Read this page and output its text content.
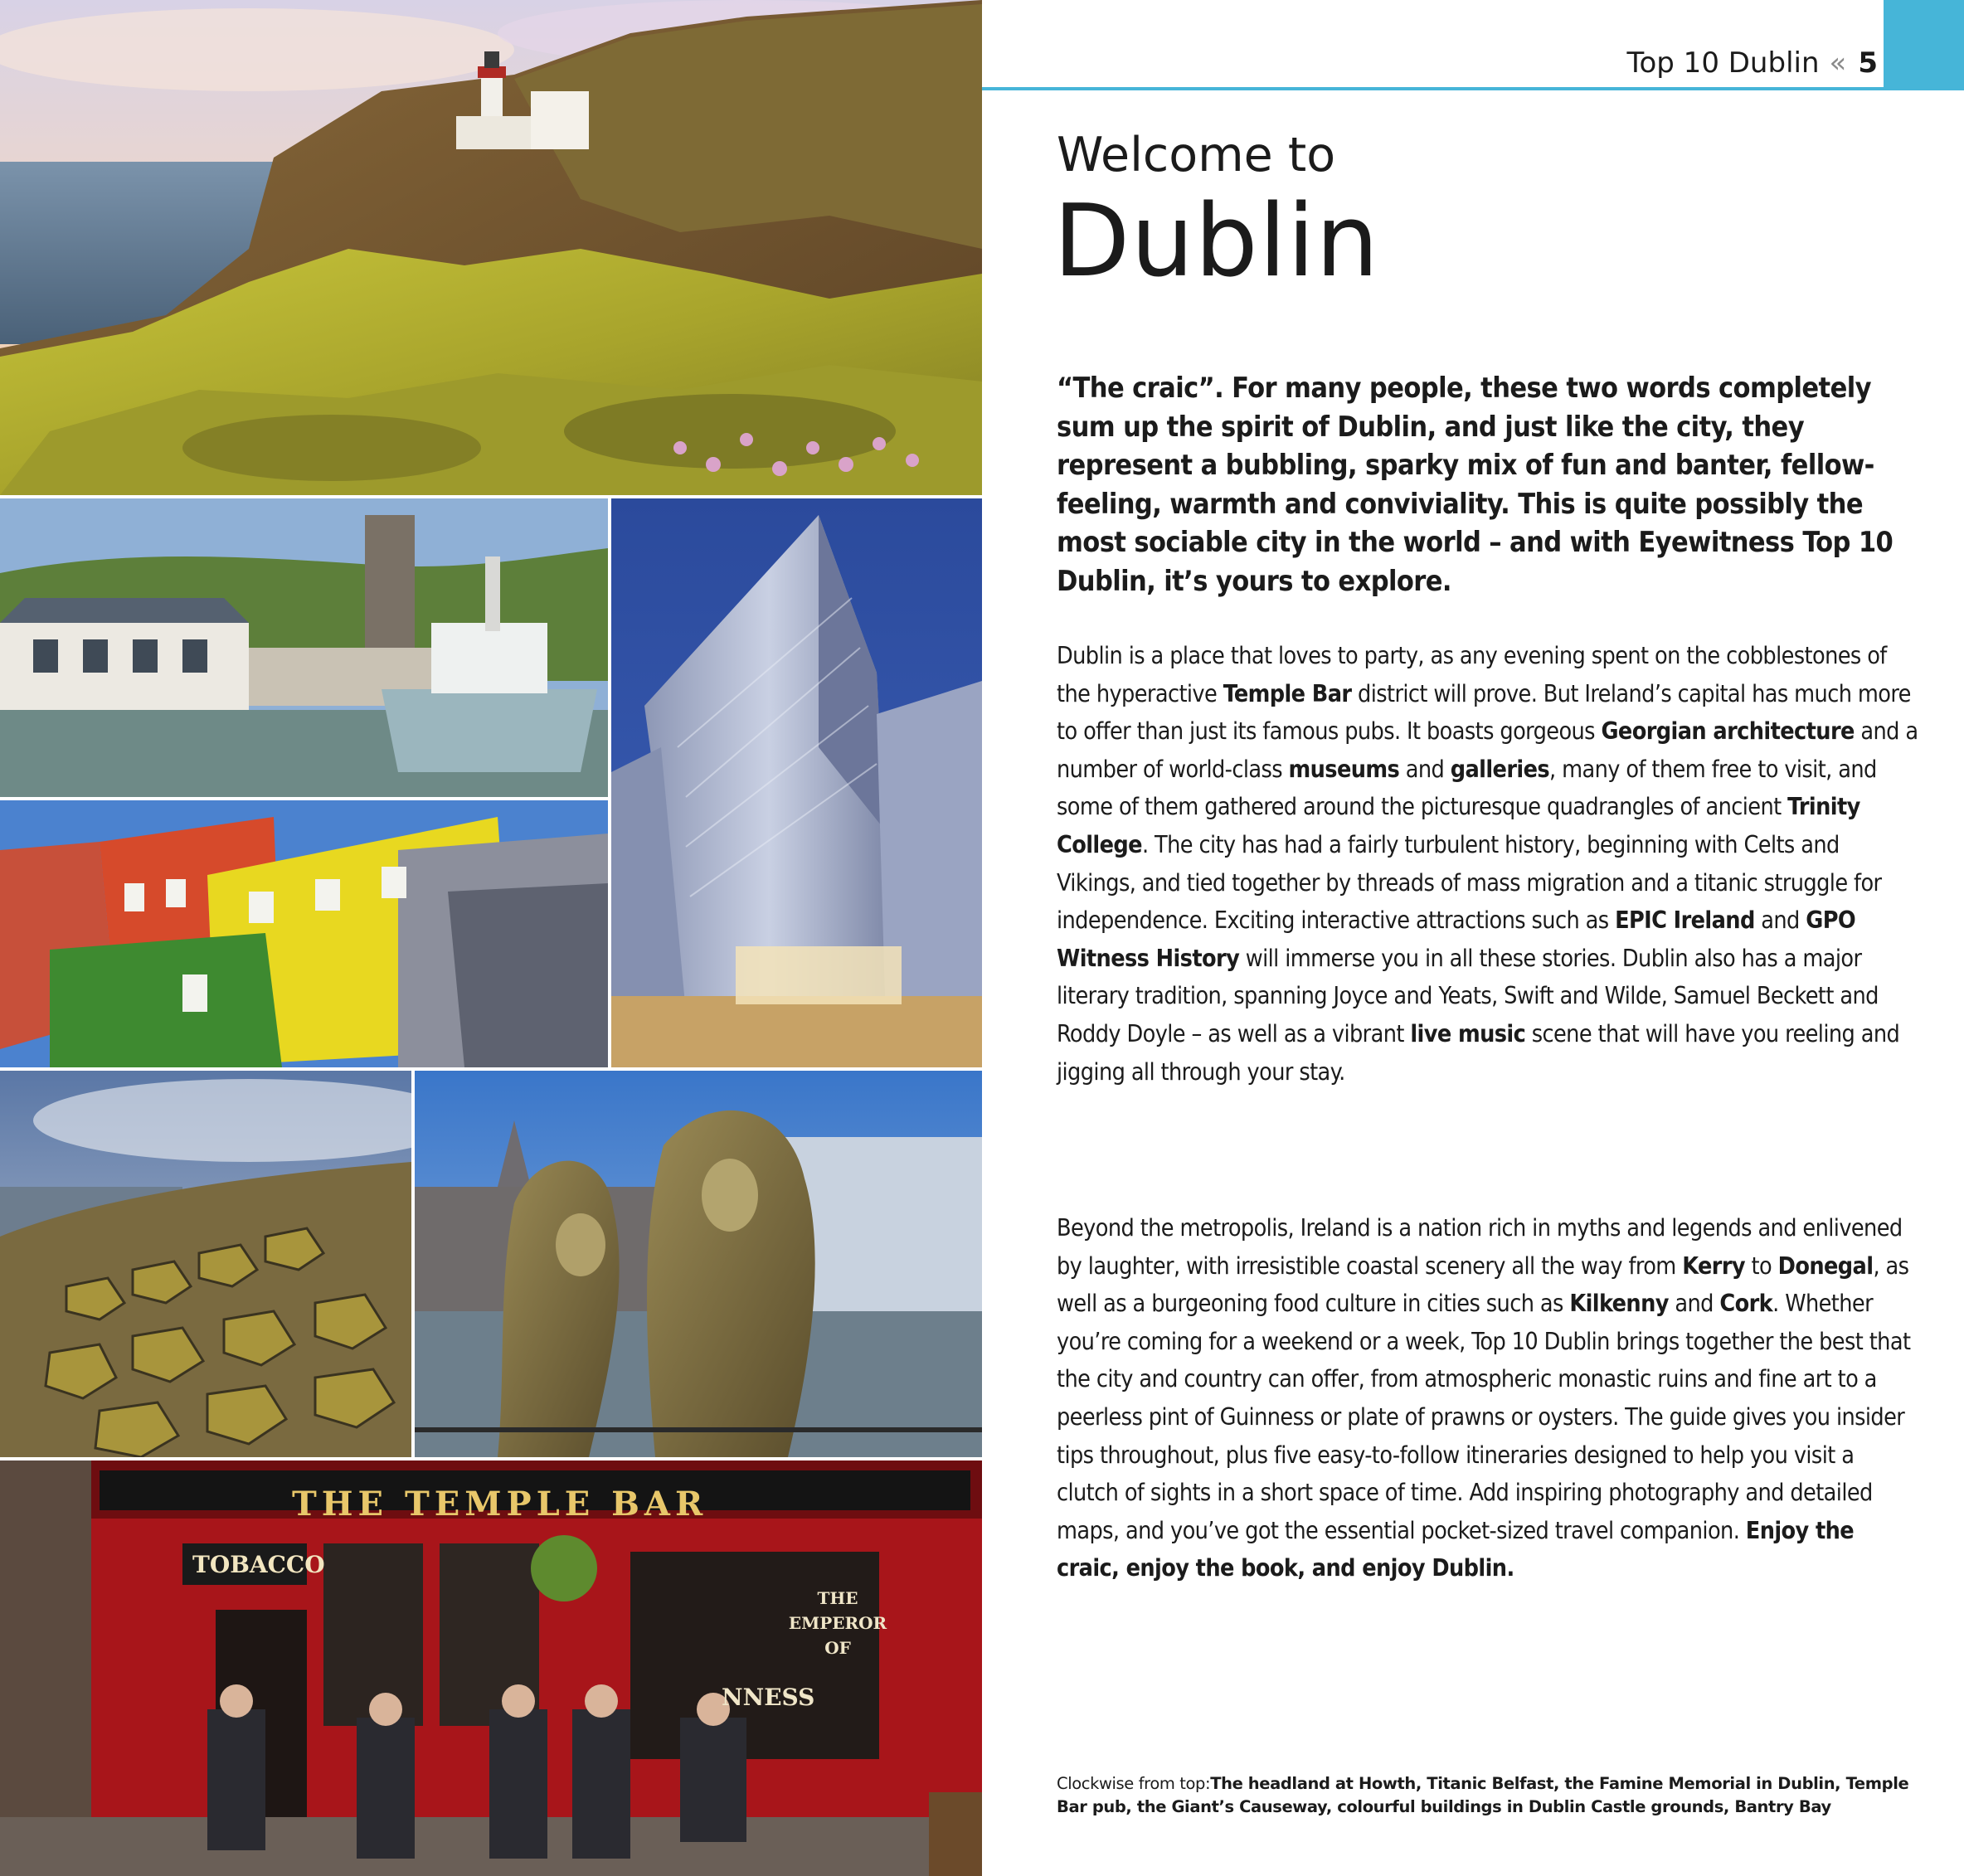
THE TEMPLE BAR
TOBACCO
THE EMPEROR OF
NNESS
Top 10 Dublin « 5
Welcome to
Dublin

“The craic”. For many people, these two words completely sum up the spirit of Dublin, and just like the city, they represent a bubbling, sparky mix of fun and banter, fellow-feeling, warmth and conviviality. This is quite possibly the most sociable city in the world – and with Eyewitness Top 10 Dublin, it’s yours to explore.

Dublin is a place that loves to party, as any evening spent on the cobblestones of the hyperactive Temple Bar district will prove. But Ireland’s capital has much more to offer than just its famous pubs. It boasts gorgeous Georgian architecture and a number of world-class museums and galleries, many of them free to visit, and some of them gathered around the picturesque quadrangles of ancient Trinity College. The city has had a fairly turbulent history, beginning with Celts and Vikings, and tied together by threads of mass migration and a titanic struggle for independence. Exciting interactive attractions such as EPIC Ireland and GPO Witness History will immerse you in all these stories. Dublin also has a major literary tradition, spanning Joyce and Yeats, Swift and Wilde, Samuel Beckett and Roddy Doyle – as well as a vibrant live music scene that will have you reeling and jigging all through your stay.

Beyond the metropolis, Ireland is a nation rich in myths and legends and enlivened by laughter, with irresistible coastal scenery all the way from Kerry to Donegal, as well as a burgeoning food culture in cities such as Kilkenny and Cork. Whether you’re coming for a weekend or a week, Top 10 Dublin brings together the best that the city and country can offer, from atmospheric monastic ruins and fine art to a peerless pint of Guinness or plate of prawns or oysters. The guide gives you insider tips throughout, plus five easy-to-follow itineraries designed to help you visit a clutch of sights in a short space of time. Add inspiring photography and detailed maps, and you’ve got the essential pocket-sized travel companion. Enjoy the craic, enjoy the book, and enjoy Dublin.

Clockwise from top:The headland at Howth, Titanic Belfast, the Famine Memorial in Dublin, Temple Bar pub, the Giant’s Causeway, colourful buildings in Dublin Castle grounds, Bantry Bay
